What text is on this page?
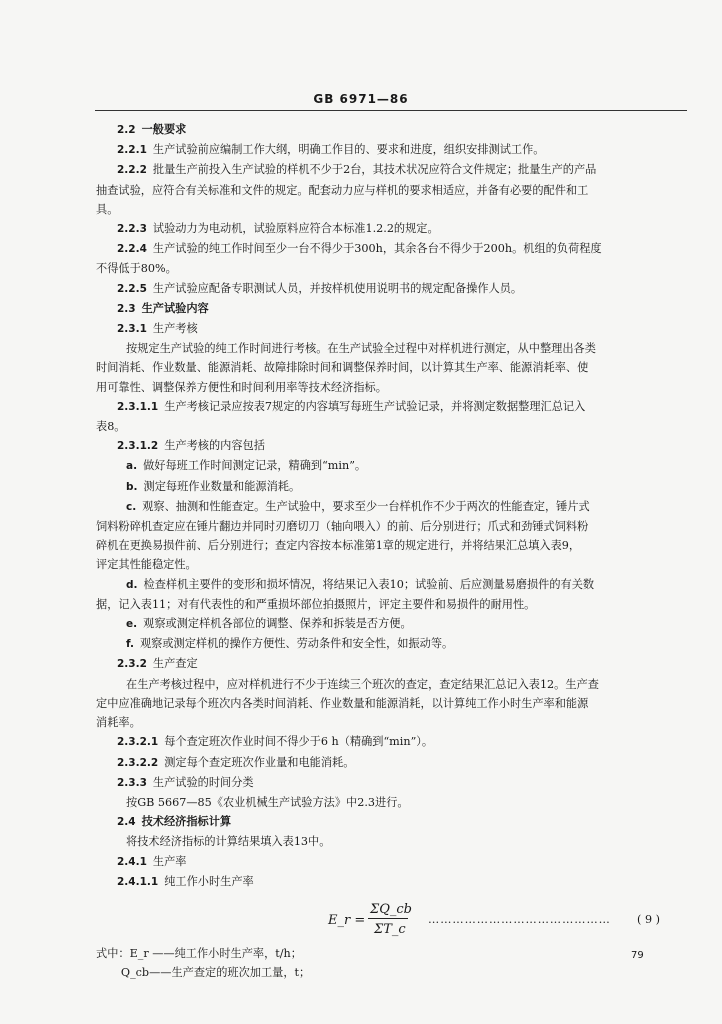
GB 6971—86

2.2 一般要求

2.2.1 生产试验前应编制工作大纲，明确工作目的、要求和进度，组织安排测试工作。

2.2.2 批量生产前投入生产试验的样机不少于2台，其技术状况应符合文件规定；批量生产的产品

抽查试验，应符合有关标准和文件的规定。配套动力应与样机的要求相适应，并备有必要的配件和工

具。

2.2.3 试验动力为电动机，试验原料应符合本标准1.2.2的规定。

2.2.4 生产试验的纯工作时间至少一台不得少于300h，其余各台不得少于200h。机组的负荷程度

不得低于80%。

2.2.5 生产试验应配备专职测试人员，并按样机使用说明书的规定配备操作人员。

2.3 生产试验内容

2.3.1 生产考核

按规定生产试验的纯工作时间进行考核。在生产试验全过程中对样机进行测定，从中整理出各类

时间消耗、作业数量、能源消耗、故障排除时间和调整保养时间，以计算其生产率、能源消耗率、使

用可靠性、调整保养方便性和时间利用率等技术经济指标。

2.3.1.1 生产考核记录应按表7规定的内容填写每班生产试验记录，并将测定数据整理汇总记入

表8。

2.3.1.2 生产考核的内容包括

a. 做好每班工作时间测定记录，精确到“min”。

b. 测定每班作业数量和能源消耗。

c. 观察、抽测和性能查定。生产试验中，要求至少一台样机作不少于两次的性能查定，锤片式

饲料粉碎机查定应在锤片翻边并同时刃磨切刀（轴向喂入）的前、后分别进行；爪式和劲锤式饲料粉

碎机在更换易损件前、后分别进行；查定内容按本标准第1章的规定进行，并将结果汇总填入表9，

评定其性能稳定性。

d. 检查样机主要件的变形和损坏情况，将结果记入表10；试验前、后应测量易磨损件的有关数

据，记入表11；对有代表性的和严重损坏部位拍摄照片，评定主要件和易损件的耐用性。

e. 观察或测定样机各部位的调整、保养和拆装是否方便。

f. 观察或测定样机的操作方便性、劳动条件和安全性，如振动等。

2.3.2 生产查定

在生产考核过程中，应对样机进行不少于连续三个班次的查定，查定结果汇总记入表12。生产查

定中应准确地记录每个班次内各类时间消耗、作业数量和能源消耗，以计算纯工作小时生产率和能源

消耗率。

2.3.2.1 每个查定班次作业时间不得少于6 h（精确到“min”）。

2.3.2.2 测定每个查定班次作业量和电能消耗。

2.3.3 生产试验的时间分类

按GB 5667—85《农业机械生产试验方法》中2.3进行。

2.4 技术经济指标计算

将技术经济指标的计算结果填入表13中。

2.4.1 生产率

2.4.1.1 纯工作小时生产率

E_r =
ΣQ_cb
ΣT_c
……………………………………… ( 9 )

式中：E_r ——纯工作小时生产率，t/h；

Q_cb——生产查定的班次加工量，t；

79
